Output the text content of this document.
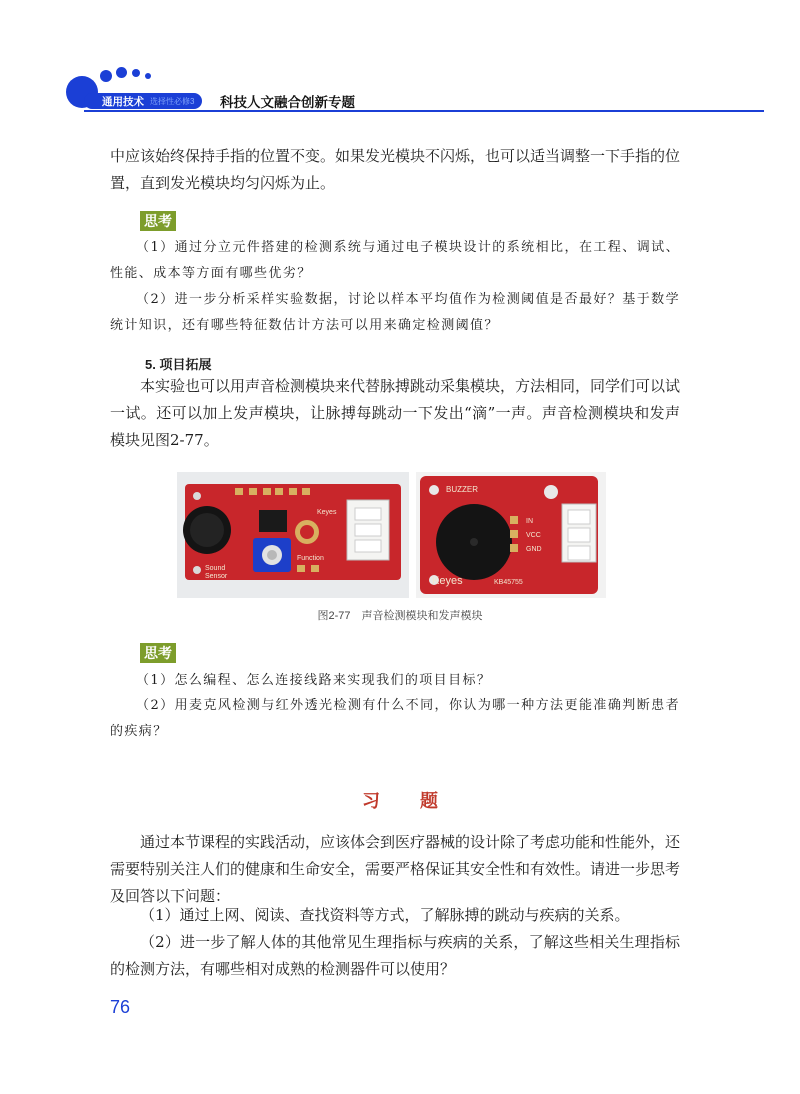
通用技术 选择性必修3 科技人文融合创新专题

中应该始终保持手指的位置不变。如果发光模块不闪烁，也可以适当调整一下手指的位置，直到发光模块均匀闪烁为止。

思考

（1）通过分立元件搭建的检测系统与通过电子模块设计的系统相比，在工程、调试、性能、成本等方面有哪些优劣？

（2）进一步分析采样实验数据，讨论以样本平均值作为检测阈值是否最好？基于数学统计知识，还有哪些特征数估计方法可以用来确定检测阈值？

5. 项目拓展

本实验也可以用声音检测模块来代替脉搏跳动采集模块，方法相同，同学们可以试一试。还可以加上发声模块，让脉搏每跳动一下发出“滴”一声。声音检测模块和发声模块见图2-77。

Keyes
Function
Sound
Sensor
BUZZER
IN
VCC
GND
Keyes	KB45755
图2-77　声音检测模块和发声模块
思考

（1）怎么编程、怎么连接线路来实现我们的项目目标？

（2）用麦克风检测与红外透光检测有什么不同，你认为哪一种方法更能准确判断患者的疾病？

习题

通过本节课程的实践活动，应该体会到医疗器械的设计除了考虑功能和性能外，还需要特别关注人们的健康和生命安全，需要严格保证其安全性和有效性。请进一步思考及回答以下问题：

（1）通过上网、阅读、查找资料等方式，了解脉搏的跳动与疾病的关系。

（2）进一步了解人体的其他常见生理指标与疾病的关系，了解这些相关生理指标的检测方法，有哪些相对成熟的检测器件可以使用？

76
